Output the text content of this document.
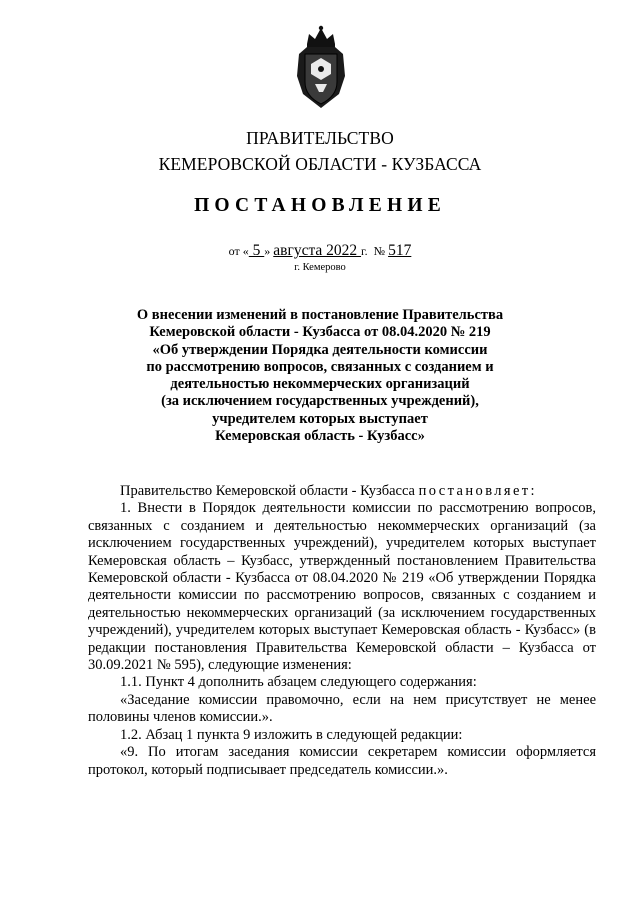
ПРАВИТЕЛЬСТВО
КЕМЕРОВСКОЙ ОБЛАСТИ - КУЗБАССА
ПОСТАНОВЛЕНИЕ
от « 5 » августа 2022 г. № 517
г. Кемерово
О внесении изменений в постановление Правительства
Кемеровской области - Кузбасса от 08.04.2020 № 219
«Об утверждении Порядка деятельности комиссии
по рассмотрению вопросов, связанных с созданием и
деятельностью некоммерческих организаций
(за исключением государственных учреждений),
учредителем которых выступает
Кемеровская область - Кузбасс»

Правительство Кемеровской области - Кузбасса постановляет:

1. Внести в Порядок деятельности комиссии по рассмотрению вопросов, связанных с созданием и деятельностью некоммерческих организаций (за исключением государственных учреждений), учредителем которых выступает Кемеровская область – Кузбасс, утвержденный постановлением Правительства Кемеровской области - Кузбасса от 08.04.2020 № 219 «Об утверждении Порядка деятельности комиссии по рассмотрению вопросов, связанных с созданием и деятельностью некоммерческих организаций (за исключением государственных учреждений), учредителем которых выступает Кемеровская область - Кузбасс» (в редакции постановления Правительства Кемеровской области – Кузбасса от 30.09.2021 № 595), следующие изменения:

1.1. Пункт 4 дополнить абзацем следующего содержания:

«Заседание комиссии правомочно, если на нем присутствует не менее половины членов комиссии.».

1.2. Абзац 1 пункта 9 изложить в следующей редакции:

«9. По итогам заседания комиссии секретарем комиссии оформляется протокол, который подписывает председатель комиссии.».
